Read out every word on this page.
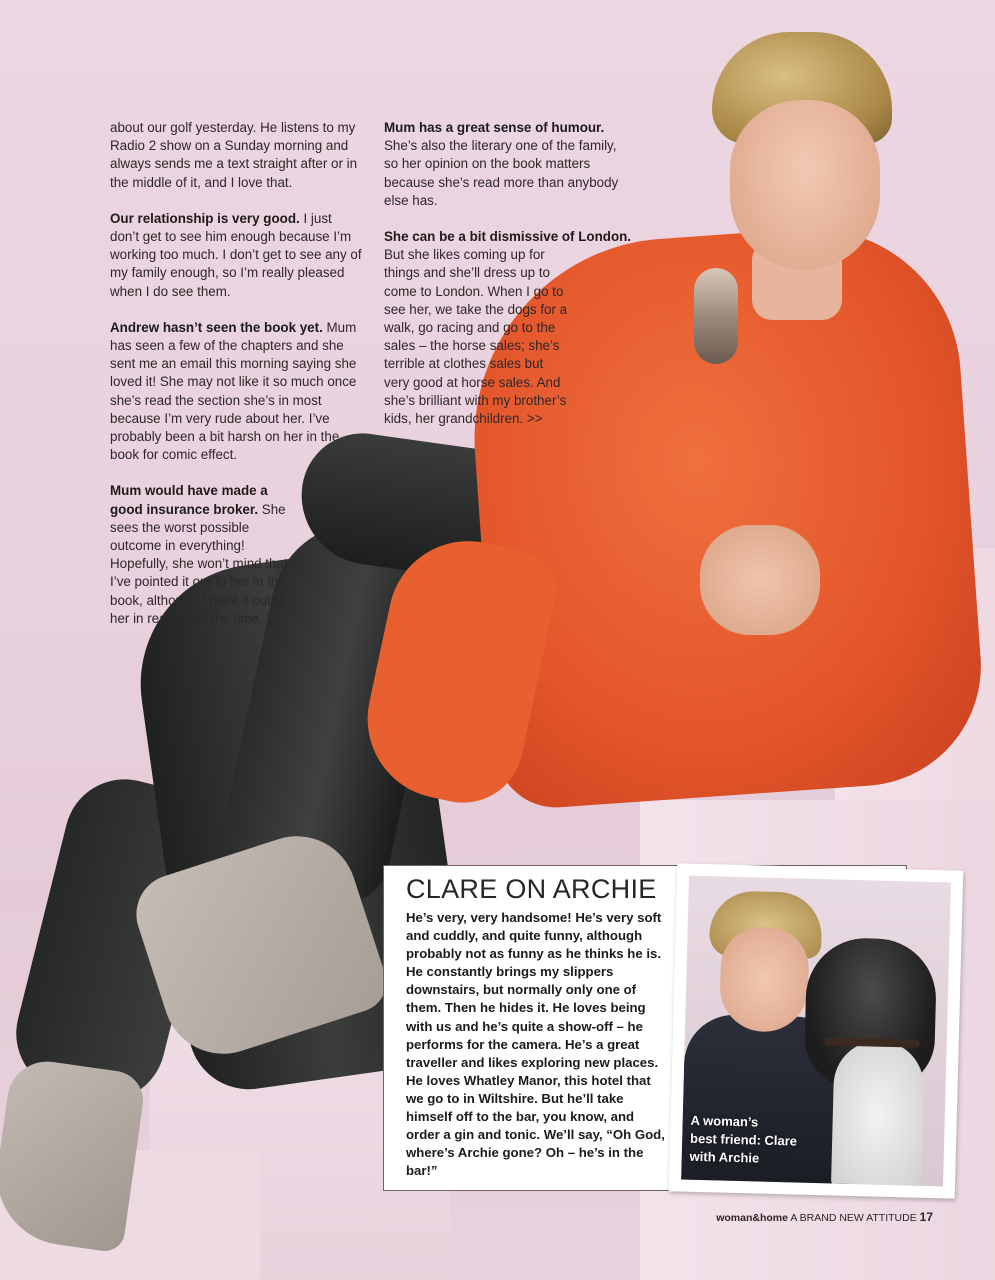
about our golf yesterday. He listens to my Radio 2 show on a Sunday morning and always sends me a text straight after or in the middle of it, and I love that.

Our relationship is very good. I just don’t get to see him enough because I’m working too much. I don’t get to see any of my family enough, so I’m really pleased when I do see them.

Andrew hasn’t seen the book yet. Mum has seen a few of the chapters and she sent me an email this morning saying she loved it! She may not like it so much once she’s read the section she’s in most because I’m very rude about her. I’ve probably been a bit harsh on her in the book for comic effect.

Mum would have made a good insurance broker. She sees the worst possible outcome in everything! Hopefully, she won’t mind that I’ve pointed it out to her in the book, although I point it out to her in real life all the time.

Mum has a great sense of humour. She’s also the literary one of the family, so her opinion on the book matters because she’s read more than anybody else has.

She can be a bit dismissive of London. But she likes coming up for things and she’ll dress up to come to London. When I go to see her, we take the dogs for a walk, go racing and go to the sales – the horse sales; she’s terrible at clothes sales but very good at horse sales. And she’s brilliant with my brother’s kids, her grandchildren. >>

CLARE ON ARCHIE
He’s very, very handsome! He’s very soft and cuddly, and quite funny, although probably not as funny as he thinks he is. He constantly brings my slippers downstairs, but normally only one of them. Then he hides it. He loves being with us and he’s quite a show-off – he performs for the camera. He’s a great traveller and likes exploring new places. He loves Whatley Manor, this hotel that we go to in Wiltshire. But he’ll take himself off to the bar, you know, and order a gin and tonic. We’ll say, “Oh God, where’s Archie gone? Oh – he’s in the bar!”
A woman’s
best friend: Clare
with Archie
woman&home A BRAND NEW ATTITUDE 17
